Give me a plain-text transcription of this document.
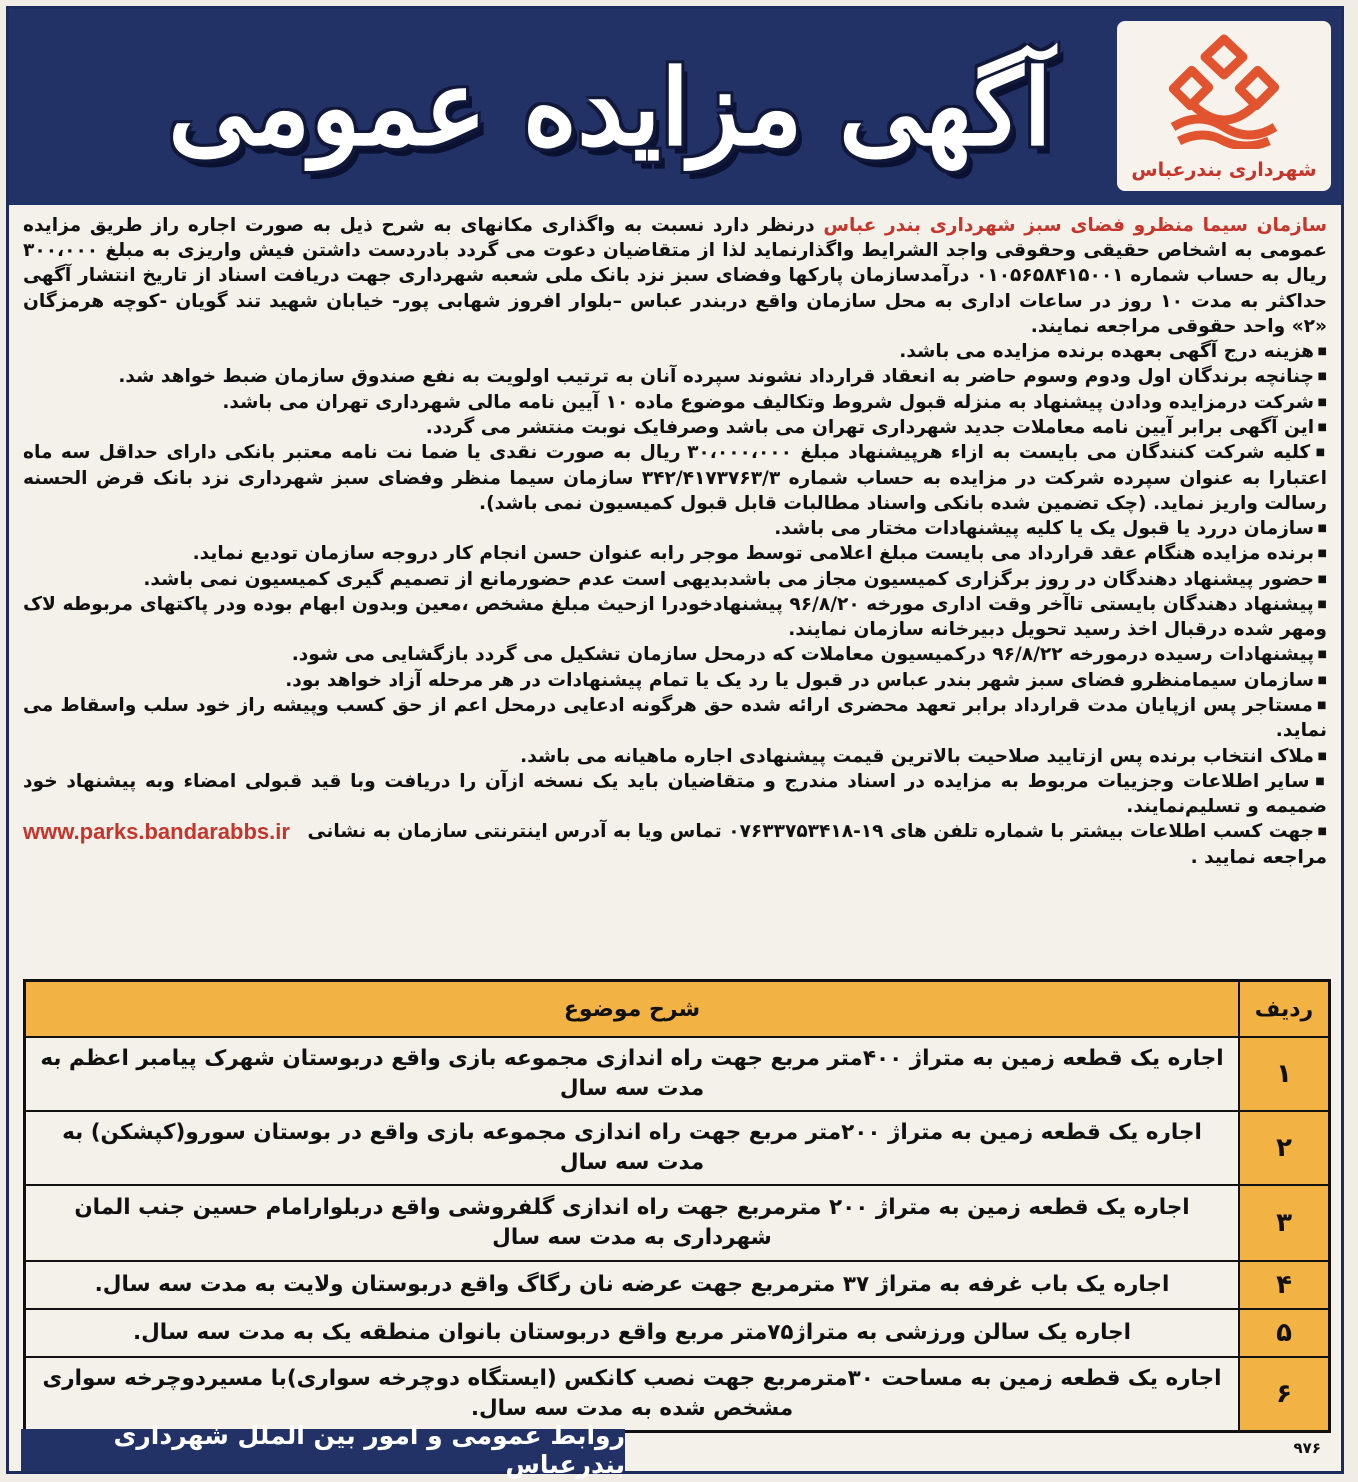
شهرداری بندرعباس
آگهی مزایده عمومی

سازمان سیما منظرو فضای سبز شهرداری بندر عباس درنظر دارد نسبت به واگذاری مکانهای به شرح ذیل به صورت اجاره راز طریق مزایده عمومی به اشخاص حقیقی وحقوقی واجد الشرایط واگذارنماید لذا از متقاضیان دعوت می گردد بادردست داشتن فیش واریزی به مبلغ ۳۰۰،۰۰۰ ریال به حساب شماره ۰۱۰۵۶۵۸۴۱۵۰۰۱ درآمدسازمان پارکها وفضای سبز نزد بانک ملی شعبه شهرداری جهت دریافت اسناد از تاریخ انتشار آگهی حداکثر به مدت ۱۰ روز در ساعات اداری به محل سازمان واقع دربندر عباس –بلوار افروز شهابی پور- خیابان شهید تند گویان -کوچه هرمزگان «۲» واحد حقوقی مراجعه نمایند.

■ هزینه درج آگهی بعهده برنده مزایده می باشد.

■ چنانچه برندگان اول ودوم وسوم حاضر به انعقاد قرارداد نشوند سپرده آنان به ترتیب اولویت به نفع صندوق سازمان ضبط خواهد شد.

■ شرکت درمزایده ودادن پیشنهاد به منزله قبول شروط وتکالیف موضوع ماده ۱۰ آیین نامه مالی شهرداری تهران می باشد.

■ این آگهی برابر آیین نامه معاملات جدید شهرداری تهران می باشد وصرفایک نوبت منتشر می گردد.

■ کلیه شرکت کنندگان می بایست به ازاء هرپیشنهاد مبلغ ۳۰،۰۰۰،۰۰۰ ریال به صورت نقدی یا ضما نت نامه معتبر بانکی دارای حداقل سه ماه اعتبارا به عنوان سپرده شرکت در مزایده به حساب شماره ۳۴۲/۴۱۷۳۷۶۳/۳ سازمان سیما منظر وفضای سبز شهرداری نزد بانک قرض الحسنه رسالت واریز نماید. (چک تضمین شده بانکی واسناد مطالبات قابل قبول کمیسیون نمی باشد).

■ سازمان دررد یا قبول یک یا کلیه پیشنهادات مختار می باشد.

■ برنده مزایده هنگام عقد قرارداد می بایست مبلغ اعلامی توسط موجر رابه عنوان حسن انجام کار دروجه سازمان تودیع نماید.

■ حضور پیشنهاد دهندگان در روز برگزاری کمیسیون مجاز می باشدبدیهی است عدم حضورمانع از تصمیم گیری کمیسیون نمی باشد.

■ پیشنهاد دهندگان بایستی تاآخر وقت اداری مورخه ۹۶/۸/۲۰ پیشنهادخودرا ازحیث مبلغ مشخص ،معین وبدون ابهام بوده ودر پاکتهای مربوطه لاک ومهر شده درقبال اخذ رسید تحویل دبیرخانه سازمان نمایند.

■ پیشنهادات رسیده درمورخه ۹۶/۸/۲۲ درکمیسیون معاملات که درمحل سازمان تشکیل می گردد بازگشایی می شود.

■ سازمان سیمامنظرو فضای سبز شهر بندر عباس در قبول یا رد یک یا تمام پیشنهادات در هر مرحله آزاد خواهد بود.

■ مستاجر پس ازپایان مدت قرارداد برابر تعهد محضری ارائه شده حق هرگونه ادعایی درمحل اعم از حق کسب وپیشه راز خود سلب واسقاط می نماید.

■ ملاک انتخاب برنده پس ازتایید صلاحیت بالاترین قیمت پیشنهادی اجاره ماهیانه می باشد.

■ سایر اطلاعات وجزییات مربوط به مزایده در اسناد مندرج و متقاضیان باید یک نسخه ازآن را دریافت وبا قید قبولی امضاء وبه پیشنهاد خود ضمیمه و تسلیم‌نمایند.

■ جهت کسب اطلاعات بیشتر با شماره تلفن های ۱۹-۰۷۶۳۳۷۵۳۴۱۸ تماس ویا به آدرس اینترنتی سازمان به نشانی
www.parks.bandarabbs.ir

مراجعه نمایید .

ردیف	شرح موضوع
۱	اجاره یک قطعه زمین به متراژ ۴۰۰متر مربع جهت راه اندازی مجموعه بازی واقع دربوستان شهرک پیامبر اعظم به مدت سه سال
۲	اجاره یک قطعه زمین به متراژ ۲۰۰متر مربع جهت راه اندازی مجموعه بازی واقع در بوستان سورو(کپشکن) به مدت سه سال
۳	اجاره یک قطعه زمین به متراژ ۲۰۰ مترمربع جهت راه اندازی گلفروشی واقع دربلوارامام حسین جنب المان شهرداری به مدت سه سال
۴	اجاره یک باب غرفه به متراژ ۳۷ مترمربع جهت عرضه نان رگاگ واقع دربوستان ولایت به مدت سه سال.
۵	اجاره یک سالن ورزشی به متراژ۷۵متر مربع واقع دربوستان بانوان منطقه یک به مدت سه سال.
۶	اجاره یک قطعه زمین به مساحت ۳۰مترمربع جهت نصب کانکس (ایستگاه دوچرخه سواری)با مسیردوچرخه سواری مشخص شده به مدت سه سال.
روابط عمومی و امور بین الملل شهرداری بندرعباس
۹۷۶
